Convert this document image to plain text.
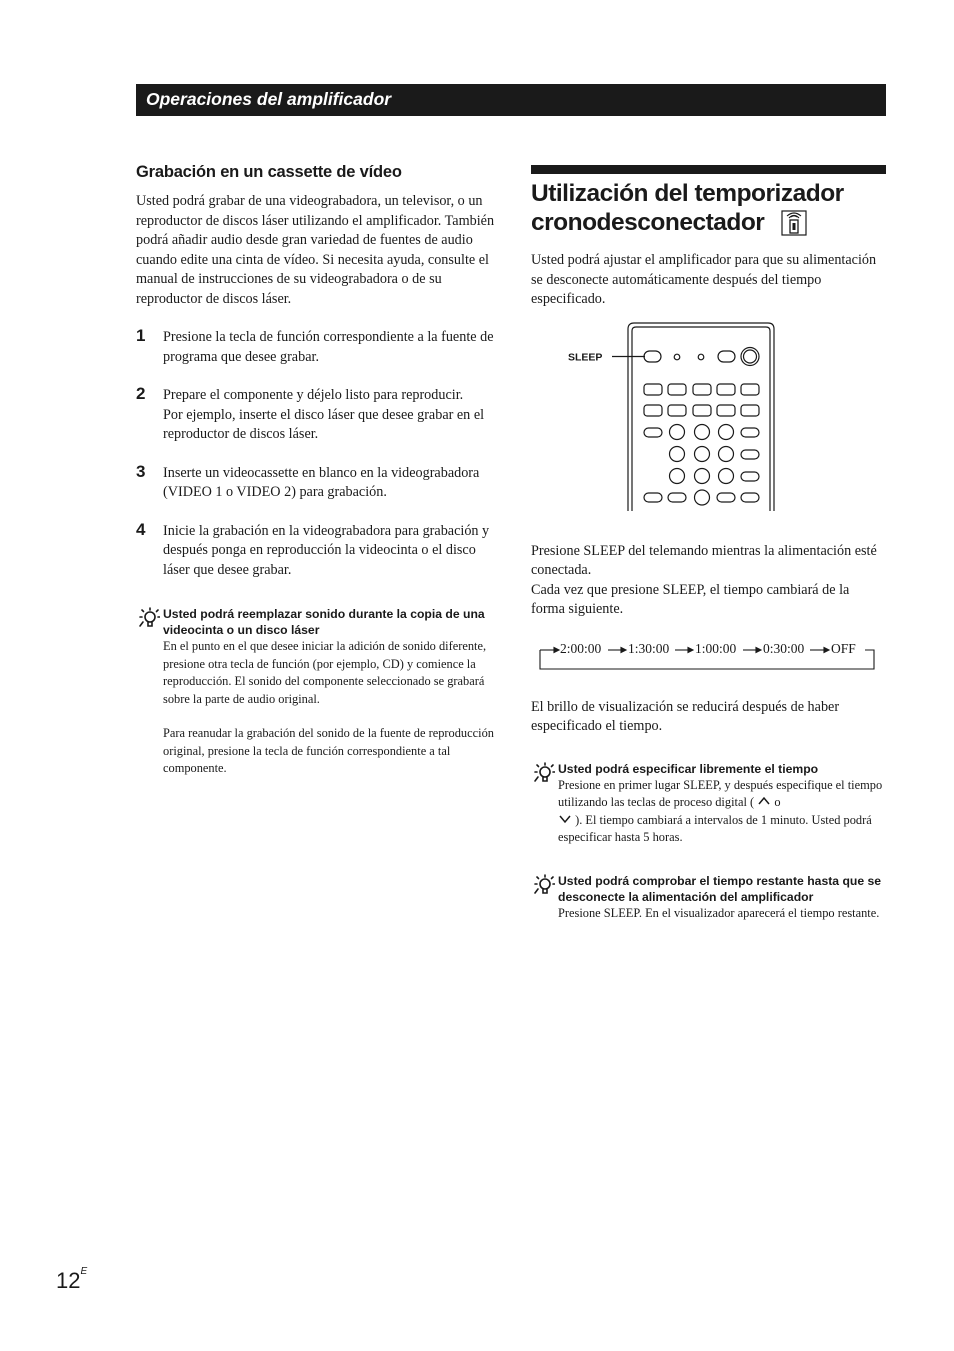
Operaciones del amplificador
Grabación en un cassette de vídeo

Usted podrá grabar de una videograbadora, un televisor, o un reproductor de discos láser utilizando el amplificador. También podrá añadir audio desde gran variedad de fuentes de audio cuando edite una cinta de vídeo. Si necesita ayuda, consulte el manual de instrucciones de su videograbadora o de su reproductor de discos láser.

1 Presione la tecla de función correspondiente a la fuente de programa que desee grabar.

2 Prepare el componente y déjelo listo para reproducir.

Por ejemplo, inserte el disco láser que desee grabar en el reproductor de discos láser.

3 Inserte un videocassette en blanco en la videograbadora (VIDEO 1 o VIDEO 2) para grabación.

4 Inicie la grabación en la videograbadora para grabación y después ponga en reproducción la videocinta o el disco láser que desee grabar.

Usted podrá reemplazar sonido durante la copia de una videocinta o un disco láser

En el punto en el que desee iniciar la adición de sonido diferente, presione otra tecla de función (por ejemplo, CD) y comience la reproducción. El sonido del componente seleccionado se grabará sobre la parte de audio original.

Para reanudar la grabación del sonido de la fuente de reproducción original, presione la tecla de función correspondiente a tal componente.

Utilización del temporizador
cronodesconectador

Usted podrá ajustar el amplificador para que su alimentación se desconecte automáticamente después del tiempo especificado.

SLEEP

Presione SLEEP del telemando mientras la alimentación esté conectada.

Cada vez que presione SLEEP, el tiempo cambiará de la forma siguiente.

2:00:00 1:30:00 1:00:00 0:30:00 OFF

El brillo de visualización se reducirá después de haber especificado el tiempo.

Usted podrá especificar libremente el tiempo

Presione en primer lugar SLEEP, y después especifique el tiempo utilizando las teclas de proceso digital ( o
). El tiempo cambiará a intervalos de 1 minuto. Usted podrá especificar hasta 5 horas.

Usted podrá comprobar el tiempo restante hasta que se desconecte la alimentación del amplificador

Presione SLEEP. En el visualizador aparecerá el tiempo restante.

$12^E$
